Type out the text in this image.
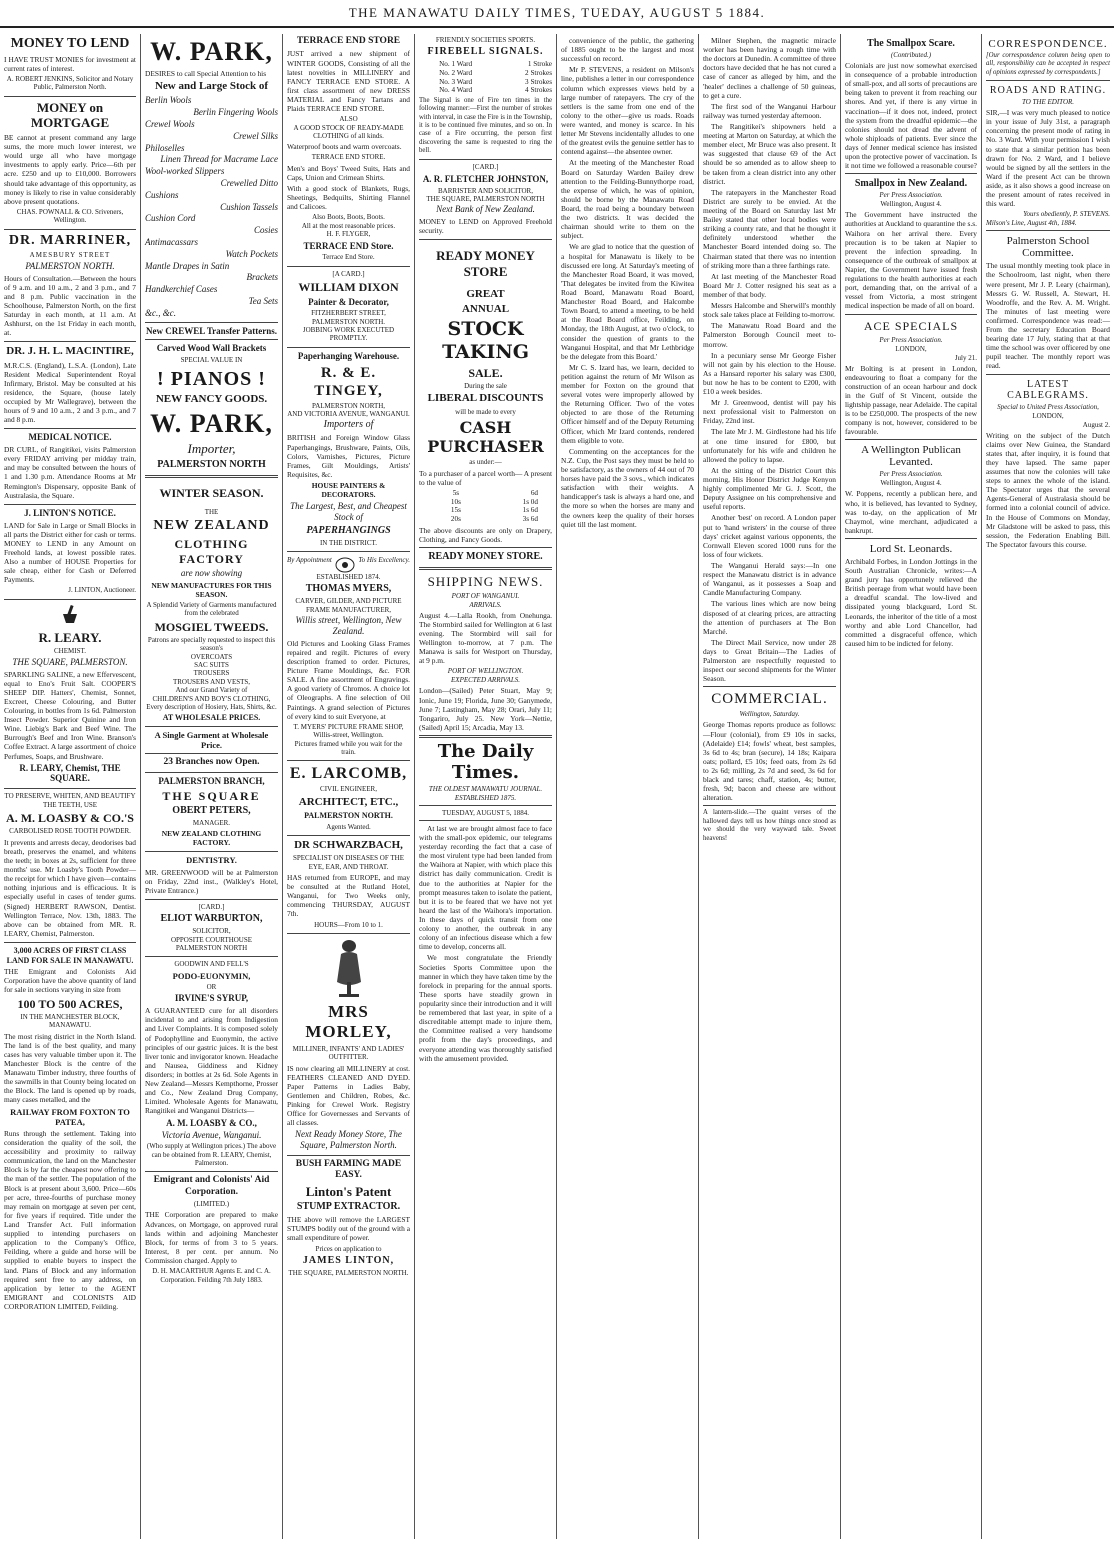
THE MANAWATU DAILY TIMES, TUEDAY, AUGUST 5 1884.
MONEY TO LEND
I HAVE TRUST MONIES for investment at current rates of interest.
A. ROBERT JENKINS, Solicitor and Notary Public, Palmerston North.
MONEY on MORTGAGE
BE cannot at present command any large sums, the more much lower interest, we would urge all who have mortgage investments to apply early. Price—6th per acre. £250 and up to £10,000. Borrowers should take advantage of this opportunity, as money is likely to rise in value considerably above present quotations.
CHAS. POWNALL & CO. Sriveners, Wellington.
DR. MARRINER,
AMESBURY STREET
PALMERSTON NORTH.
Hours of Consultation.—Between the hours of 9 a.m. and 10 a.m., 2 and 3 p.m., and 7 and 8 p.m. Public vaccination in the Schoolhouse, Palmerston North, on the first Saturday in each month, at 11 a.m. At Ashhurst, on the 1st Friday in each month, at.
DR. J. H. L. MACINTIRE,
M.R.C.S. (England), L.S.A. (London), Late Resident Medical Superintendent Royal Infirmary, Bristol. May be consulted at his residence, the Square, (house lately occupied by Mr Wallegrave), between the hours of 9 and 10 a.m., 2 and 3 p.m., and 7 and 8 p.m.
MEDICAL NOTICE.
DR CURL, of Rangitikei, visits Palmerston every FRIDAY arriving per midday train, and may be consulted between the hours of 1 and 1.30 p.m. Attendance Rooms at Mr Remington's Dispensary, opposite Bank of Australasia, the Square.
J. LINTON'S NOTICE.
LAND for Sale in Large or Small Blocks in all parts the District either for cash or terms. MONEY to LEND in any Amount on Freehold lands, at lowest possible rates. Also a number of HOUSE Properties for sale cheap, either for Cash or Deferred Payments.
J. LINTON, Auctioneer.
R. LEARY.
CHEMIST.
THE SQUARE, PALMERSTON.
SPARKLING SALINE, a new Effervescent, equal to Eno's Fruit Salt. COOPER'S SHEEP DIP. Hatters', Chemist, Sonnet, Excreet, Cheese Colouring, and Butter Colouring, in bottles from 1s 6d. Palmerston Insect Powder. Superior Quinine and Iron Wine. Liebig's Bark and Beef Wine. The Burrough's Beef and Iron Wine. Branson's Coffee Extract. A large assortment of choice Perfumes, Soaps, and Brushware.
R. LEARY, Chemist, THE SQUARE.
TO PRESERVE, WHITEN, AND BEAUTIFY THE TEETH, USE
A. M. LOASBY & CO.'S
CARBOLISED ROSE TOOTH POWDER.
It prevents and arrests decay, deodorises bad breath, preserves the enamel, and whitens the teeth; in boxes at 2s, sufficient for three months' use. Mr Loasby's Tooth Powder—the receipt for which I have given—contains nothing injurious and is efficacious. It is especially useful in cases of tender gums. (Signed) HERBERT RAWSON, Dentist. Wellington Terrace, Nov. 13th, 1883. The above can be obtained from MR. R. LEARY, Chemist, Palmerston.
3,000 ACRES OF FIRST CLASS LAND FOR SALE IN MANAWATU.
THE Emigrant and Colonists Aid Corporation have the above quantity of land for sale in sections varying in size from
100 TO 500 ACRES,
IN THE MANCHESTER BLOCK, MANAWATU.
The most rising district in the North Island. The land is of the best quality, and many cases has very valuable timber upon it. The Manchester Block is the centre of the Manawatu Timber industry, three fourths of the sawmills in that County being located on the Block. The land is opened up by roads, many cases metalled, and the
RAILWAY FROM FOXTON TO PATEA,
Runs through the settlement. Taking into consideration the quality of the soil, the accessibility and proximity to railway communication, the land on the Manchester Block is by far the cheapest now offering to the man of the settler. The population of the Block is at present about 3,600. Price—60s per acre, three-fourths of purchase money may remain on mortgage at seven per cent, for five years if required. Title under the Land Transfer Act. Full information supplied to intending purchasers on application to the Company's Office, Feilding, where a guide and horse will be supplied to enable buyers to inspect the land. Plans of Block and any information required sent free to any address, on application by letter to the AGENT EMIGRANT and COLONISTS AID CORPORATION LIMITED, Feilding.
W. PARK,
DESIRES to call Special Attention to his
New and Large Stock of
Berlin Wools
Berlin Fingering Wools
Crewel Wools
Crewel Silks
Philoselles
Linen Thread for Macrame Lace
Wool-worked Slippers
Crewelled Ditto
Cushions
Cushion Tassels
Cushion Cord
Cosies
Antimacassars
Watch Pockets
Mantle Drapes in Satin
Brackets
Handkerchief Cases
Tea Sets
&c., &c.
New CREWEL Transfer Patterns.
Carved Wood Wall Brackets
SPECIAL VALUE IN
! PIANOS !
NEW FANCY GOODS.
W. PARK,
Importer,
PALMERSTON NORTH
WINTER SEASON.
THE
NEW ZEALAND
CLOTHING FACTORY
are now showing
NEW MANUFACTURES FOR THIS SEASON.
A Splendid Variety of Garments manufactured from the celebrated
MOSGIEL TWEEDS.
Patrons are specially requested to inspect this season's
OVERCOATS
SAC SUITS
TROUSERS
TROUSERS AND VESTS,
And our Grand Variety of
CHILDREN'S AND BOY'S CLOTHING,
Every description of Hosiery, Hats, Shirts, &c.
AT WHOLESALE PRICES.
A Single Garment at Wholesale Price.
23 Branches now Open.
PALMERSTON BRANCH,
THE SQUARE
OBERT PETERS,
MANAGER.
NEW ZEALAND CLOTHING FACTORY.
DENTISTRY.
MR. GREENWOOD will be at Palmerston on Friday, 22nd inst., (Walkley's Hotel, Private Entrance.)
[CARD.]
ELIOT WARBURTON,
SOLICITOR,
OPPOSITE COURTHOUSE
PALMERSTON NORTH
GOODWIN AND FELL'S
PODO-EUONYMIN,
OR
IRVINE'S SYRUP,
A GUARANTEED cure for all disorders incidental to and arising from Indigestion and Liver Complaints. It is composed solely of Podophylline and Euonymin, the active principles of our gastric juices. It is the best liver tonic and invigorator known. Headache and Nausea, Giddiness and Kidney disorders; in bottles at 2s 6d. Sole Agents in New Zealand—Messrs Kempthorne, Prosser and Co., New Zealand Drug Company, Limited. Wholesale Agents for Manawatu, Rangitikei and Wanganui Districts—
A. M. LOASBY & CO.,
Victoria Avenue, Wanganui.
(Who supply at Wellington prices.) The above can be obtained from R. LEARY, Chemist, Palmerston.
Emigrant and Colonists' Aid Corporation.
(LIMITED.)
THE Corporation are prepared to make Advances, on Mortgage, on approved rural lands within and adjoining Manchester Block, for terms of from 3 to 5 years. Interest, 8 per cent. per annum. No Commission charged. Apply to
D. H. MACARTHUR Agents E. and C. A. Corporation. Feilding 7th July 1883.
TERRACE END STORE
JUST arrived a new shipment of WINTER GOODS, Consisting of all the latest novelties in MILLINERY and FANCY TERRACE END STORE. A first class assortment of new DRESS MATERIAL and Fancy Tartans and Plaids TERRACE END STORE.
ALSO
A GOOD STOCK OF READY-MADE CLOTHING of all kinds.
Waterproof boots and warm overcoats.
TERRACE END STORE.
Men's and Boys' Tweed Suits, Hats and Caps, Union and Crimean Shirts.
With a good stock of Blankets, Rugs, Sheetings, Bedquilts, Shirting Flannel and Calicoes.
Also Boots, Boots, Boots.
All at the most reasonable prices.
H. F. FLYGER,
TERRACE END Store.
Terrace End Store.
[A CARD.]
WILLIAM DIXON
Painter & Decorator,
FITZHERBERT STREET,
PALMERSTON NORTH.
JOBBING WORK EXECUTED PROMPTLY.
Paperhanging Warehouse.
R. & E. TINGEY,
PALMERSTON NORTH,
AND VICTORIA AVENUE, WANGANUI.
Importers of
BRITISH and Foreign Window Glass Paperhangings, Brushware, Paints, Oils, Colors, Varnishes, Pictures, Picture Frames, Gilt Mouldings, Artists' Requisites, &c.
HOUSE PAINTERS & DECORATORS.
The Largest, Best, and Cheapest Stock of
PAPERHANGINGS
IN THE DISTRICT.
By Appointment	To His Excellency.
ESTABLISHED 1874.
THOMAS MYERS,
CARVER, GILDER, AND PICTURE FRAME MANUFACTURER,
Willis street, Wellington, New Zealand.
Old Pictures and Looking Glass Frames repaired and regilt. Pictures of every description framed to order. Pictures, Picture Frame Mouldings, &c. FOR SALE. A fine assortment of Engravings. A good variety of Chromos. A choice lot of Oleographs. A fine selection of Oil Paintings. A grand selection of Pictures of every kind to suit Everyone, at
T. MYERS' PICTURE FRAME SHOP, Willis-street, Wellington.
Pictures framed while you wait for the train.
E. LARCOMB,
CIVIL ENGINEER,
ARCHITECT, ETC.,
PALMERSTON NORTH.
Agents Wanted.
DR SCHWARZBACH,
SPECIALIST ON DISEASES OF THE EYE, EAR, AND THROAT.
HAS returned from EUROPE, and may be consulted at the Rutland Hotel, Wanganui, for Two Weeks only, commencing THURSDAY, AUGUST 7th.
HOURS—From 10 to 1.
MRS MORLEY,
MILLINER, INFANTS' AND LADIES' OUTFITTER.
IS now clearing all MILLINERY at cost. FEATHERS CLEANED AND DYED. Paper Patterns in Ladies Baby, Gentlemen and Children, Robes, &c. Pinking for Crewel Work. Registry Office for Governesses and Servants of all classes.
Next Ready Money Store, The Square, Palmerston North.
BUSH FARMING MADE EASY.
Linton's Patent
STUMP EXTRACTOR.
THE above will remove the LARGEST STUMPS bodily out of the ground with a small expenditure of power.
Prices on application to
JAMES LINTON,
THE SQUARE, PALMERSTON NORTH.
FRIENDLY SOCIETIES SPORTS.
FIREBELL SIGNALS.
No. 1 Ward	1 Stroke
No. 2 Ward	2 Strokes
No. 3 Ward	3 Strokes
No. 4 Ward	4 Strokes
The Signal is one of Fire ten times in the following manner:—First the number of strokes with interval, in case the Fire is in the Township, it is to be continued five minutes, and so on. In case of a Fire occurring, the person first discovering the same is requested to ring the bell.
[CARD.]
A. R. FLETCHER JOHNSTON,
BARRISTER AND SOLICITOR,
THE SQUARE, PALMERSTON NORTH
Next Bank of New Zealand.
MONEY to LEND on Approved Freehold security.
READY MONEY STORE
GREAT
ANNUAL
STOCK TAKING
SALE.
During the sale
LIBERAL DISCOUNTS
will be made to every
CASH PURCHASER
as under:—
To a purchaser of a parcel worth— A present to the value of
5s	6d
10s	1s 0d
15s	1s 6d
20s	3s 6d
The above discounts are only on Drapery, Clothing, and Fancy Goods.
READY MONEY STORE.
SHIPPING NEWS.
PORT OF WANGANUI.
ARRIVALS.
August 4.—Lalla Rookh, from Onehunga. The Stormbird sailed for Wellington at 6 last evening. The Stormbird will sail for Wellington to-morrow, at 7 p.m. The Manawa is sails for Westport on Thursday, at 9 p.m.
PORT OF WELLINGTON.
EXPECTED ARRIVALS.
London—(Sailed) Peter Stuart, May 9; Ionic, June 19; Florida, June 30; Ganymede, June 7; Lastingham, May 28; Orari, July 11; Tongariro, July 25. New York—Nettie, (Sailed) April 15; Arcadia, May 13.
The Daily Times.
THE OLDEST MANAWATU JOURNAL.
ESTABLISHED 1875.
TUESDAY, AUGUST 5, 1884.

At last we are brought almost face to face with the small-pox epidemic, our telegrams yesterday recording the fact that a case of the most virulent type had been landed from the Waihora at Napier, with which place this district has daily communication. Credit is due to the authorities at Napier for the prompt measures taken to isolate the patient, but it is to be feared that we have not yet heard the last of the Waihora's importation. In these days of quick transit from one colony to another, the outbreak in any colony of an infectious disease which a few time to develop, concerns all.

We most congratulate the Friendly Societies Sports Committee upon the manner in which they have taken time by the forelock in preparing for the annual sports. These sports have steadily grown in popularity since their introduction and it will be remembered that last year, in spite of a discreditable attempt made to injure them, the Committee realised a very handsome profit from the day's proceedings, and everyone attending was thoroughly satisfied with the amusement provided.

convenience of the public, the gathering of 1885 ought to be the largest and most successful on record.

Mr P. STEVENS, a resident on Milson's line, publishes a letter in our correspondence column which expresses views held by a large number of ratepayers. The cry of the settlers is the same from one end of the colony to the other—give us roads. Roads were wanted, and money is scarce. In his letter Mr Stevens incidentally alludes to one of the greatest evils the genuine settler has to contend against—the absentee owner.

At the meeting of the Manchester Road Board on Saturday Warden Bailey drew attention to the Feilding-Bunnythorpe road, the expense of which, he was of opinion, should be borne by the Manawatu Road Board, the road being a boundary between the two districts. It was decided the chairman should write to them on the subject.

We are glad to notice that the question of a hospital for Manawatu is likely to be discussed ere long. At Saturday's meeting of the Manchester Road Board, it was moved, 'That delegates be invited from the Kiwitea Road Board, Manawatu Road Board, Manchester Road Board, and Halcombe Town Board, to attend a meeting, to be held at the Road Board office, Feilding, on Monday, the 18th August, at two o'clock, to consider the question of grants to the Wanganui Hospital, and that Mr Lethbridge be the delegate from this Board.'

Mr C. S. Izard has, we learn, decided to petition against the return of Mr Wilson as member for Foxton on the ground that several votes were improperly allowed by the Returning Officer. Two of the votes objected to are those of the Returning Officer himself and of the Deputy Returning Officer, which Mr Izard contends, rendered them eligible to vote.

Commenting on the acceptances for the N.Z. Cup, the Post says they must be held to be satisfactory, as the owners of 44 out of 70 horses have paid the 3 sovs., which indicates satisfaction with their weights. A handicapper's task is always a hard one, and the more so when the horses are many and the owners keep the quality of their horses quiet till the last moment.

Milner Stephen, the magnetic miracle worker has been having a rough time with the doctors at Dunedin. A committee of three doctors have decided that he has not cured a case of cancer as alleged by him, and the 'healer' declines a challenge of 50 guineas, to get a cure.

The first sod of the Wanganui Harbour railway was turned yesterday afternoon.

The Rangitikei's shipowners held a meeting at Marton on Saturday, at which the member elect, Mr Bruce was also present. It was suggested that clause 69 of the Act should be so amended as to allow sheep to be taken from a clean district into any other district.

The ratepayers in the Manchester Road District are surely to be envied. At the meeting of the Board on Saturday last Mr Bailey stated that other local bodies were striking a county rate, and that he thought it definitely understood whether the Manchester Board intended doing so. The Chairman stated that there was no intention of striking more than a three farthings rate.

At last meeting of the Manchester Road Board Mr J. Cotter resigned his seat as a member of that body.

Messrs Halcombe and Sherwill's monthly stock sale takes place at Feilding to-morrow.

The Manawatu Road Board and the Palmerston Borough Council meet to-morrow.

In a pecuniary sense Mr George Fisher will not gain by his election to the House. As a Hansard reporter his salary was £300, but now he has to be content to £200, with £10 a week besides.

Mr J. Greenwood, dentist will pay his next professional visit to Palmerston on Friday, 22nd inst.

The late Mr J. M. Girdlestone had his life at one time insured for £800, but unfortunately for his wife and children he allowed the policy to lapse.

At the sitting of the District Court this morning, His Honor District Judge Kenyon highly complimented Mr G. J. Scott, the Deputy Assignee on his comprehensive and useful reports.

Another 'best' on record. A London paper put to 'hand wristers' in the course of three days' cricket against various opponents, the Cornwall Eleven scored 1000 runs for the loss of four wickets.

The Wanganui Herald says:—In one respect the Manawatu district is in advance of Wanganui, as it possesses a Soap and Candle Manufacturing Company.

The various lines which are now being disposed of at clearing prices, are attracting the attention of purchasers at The Bon Marché.

The Direct Mail Service, now under 28 days to Great Britain—The Ladies of Palmerston are respectfully requested to inspect our second shipments for the Winter Season.

COMMERCIAL.
Wellington, Saturday.
George Thomas reports produce as follows:—Flour (colonial), from £9 10s in sacks, (Adelaide) £14; fowls' wheat, best samples, 3s 6d to 4s; bran (secure), 14 18s; Kaipara oats; pollard, £5 10s; feed oats, from 2s 6d to 2s 6d; milling, 2s 7d and seed, 3s 6d for black and tares; chaff, station, 4s; butter, fresh, 9d; bacon and cheese are without alteration.
A lantern-slide.—The quaint verses of the hallowed days tell us how things once stood as we should the very wayward tale. Sweet heavens!
The Smallpox Scare.
(Contributed.)
Colonials are just now somewhat exercised in consequence of a probable introduction of small-pox, and all sorts of precautions are being taken to prevent it from reaching our shores. And yet, if there is any virtue in vaccination—if it does not, indeed, protect the system from the dreadful epidemic—the colonies should not dread the advent of whole shiploads of patients. Ever since the days of Jenner medical science has insisted upon the protective power of vaccination. Is it not time we followed a reasonable course?
Smallpox in New Zealand.
Per Press Association.
Wellington, August 4.
The Government have instructed the authorities at Auckland to quarantine the s.s. Waihora on her arrival there. Every precaution is to be taken at Napier to prevent the infection spreading. In consequence of the outbreak of smallpox at Napier, the Government have issued fresh regulations to the health authorities at each port, demanding that, on the arrival of a vessel from Victoria, a most stringent medical inspection be made of all on board.
ACE SPECIALS
Per Press Association.
LONDON,
July 21.
Mr Bolting is at present in London, endeavouring to float a company for the construction of an ocean harbour and dock in the Gulf of St Vincent, outside the lightship passage, near Adelaide. The capital is to be £250,000. The prospects of the new company is not, however, considered to be favourable.
A Wellington Publican Levanted.
Per Press Association.
Wellington, August 4.
W. Poppens, recently a publican here, and who, it is believed, has levanted to Sydney, was to-day, on the application of Mr Chaymol, wine merchant, adjudicated a bankrupt.
Lord St. Leonards.
Archibald Forbes, in London Jottings in the South Australian Chronicle, writes:—A grand jury has opportunely relieved the British peerage from what would have been a dreadful scandal. The low-lived and dissipated young blackguard, Lord St. Leonards, the inheritor of the title of a most worthy and able Lord Chancellor, had committed a disgraceful offence, which caused him to be indicted for felony.
CORRESPONDENCE.
[Our correspondence column being open to all, responsibility can be accepted in respect of opinions expressed by correspondents.]
ROADS AND RATING.
TO THE EDITOR.
SIR,—I was very much pleased to notice in your issue of July 31st, a paragraph concerning the present mode of rating in No. 3 Ward. With your permission I wish to state that a similar petition has been drawn for No. 2 Ward, and I believe would be signed by all the settlers in the Ward if the present Act can be thrown aside, as it also shows a good increase on the present amount of rates received in this ward.
Yours obediently, P. STEVENS.
Milson's Line, August 4th, 1884.
Palmerston School Committee.
The usual monthly meeting took place in the Schoolroom, last night, when there were present, Mr J. P. Leary (chairman), Messrs G. W. Russell, A. Stewart, H. Woodroffe, and the Rev. A. M. Wright. The minutes of last meeting were confirmed. Correspondence was read:—From the secretary Education Board bearing date 17 July, stating that at that time the school was over officered by one pupil teacher. The monthly report was read.
LATEST CABLEGRAMS.
Special to United Press Association,
LONDON,
August 2.
Writing on the subject of the Dutch claims over New Guinea, the Standard states that, after inquiry, it is found that they have lapsed. The same paper assumes that now the colonies will take steps to annex the whole of the island. The Spectator urges that the several Agents-General of Australasia should be formed into a colonial council of advice. In the House of Commons on Monday, Mr Gladstone will be asked to pass, this session, the Federation Enabling Bill. The Spectator favours this course.
